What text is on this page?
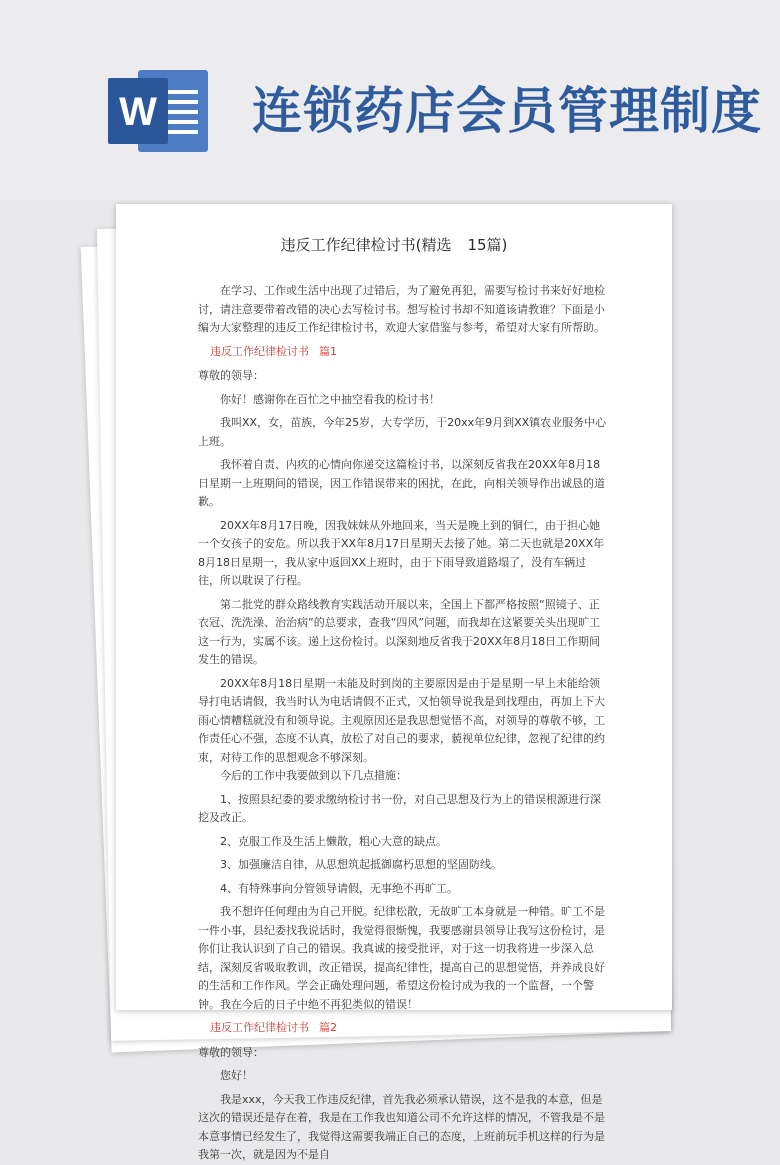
W 连锁药店会员管理制度
违反工作纪律检讨书(精选 15篇)

在学习、工作或生活中出现了过错后，为了避免再犯，需要写检讨书来好好地检讨，请注意要带着改错的决心去写检讨书。想写检讨书却不知道该请教谁？下面是小编为大家整理的违反工作纪律检讨书，欢迎大家借鉴与参考，希望对大家有所帮助。

违反工作纪律检讨书 篇1

尊敬的领导：

你好！感谢你在百忙之中抽空看我的检讨书！

我叫XX，女，苗族，今年25岁，大专学历，于20xx年9月到XX镇农业服务中心上班。

我怀着自责、内疚的心情向你递交这篇检讨书，以深刻反省我在20XX年8月18日星期一上班期间的错误，因工作错误带来的困扰，在此，向相关领导作出诚恳的道歉。

20XX年8月17日晚，因我妹妹从外地回来，当天是晚上到的铜仁，由于担心她一个女孩子的安危。所以我于XX年8月17日星期天去接了她。第二天也就是20XX年8月18日星期一，我从家中返回XX上班时，由于下雨导致道路塌了，没有车辆过往，所以耽误了行程。

第二批党的群众路线教育实践活动开展以来，全国上下都严格按照“照镜子、正衣冠、洗洗澡、治治病”的总要求，查我“四风”问题，而我却在这紧要关头出现旷工这一行为，实属不该。递上这份检讨。以深刻地反省我于20XX年8月18日工作期间发生的错误。

20XX年8月18日星期一未能及时到岗的主要原因是由于是星期一早上未能给领导打电话请假，我当时认为电话请假不正式，又怕领导说我是到找理由，再加上下大雨心情糟糕就没有和领导说。主观原因还是我思想觉悟不高，对领导的尊敬不够，工作责任心不强，态度不认真，放松了对自己的要求，藐视单位纪律，忽视了纪律的约束，对待工作的思想观念不够深刻。

今后的工作中我要做到以下几点措施：

1、按照县纪委的要求缴纳检讨书一份，对自己思想及行为上的错误根源进行深挖及改正。

2、克服工作及生活上懒散，粗心大意的缺点。

3、加强廉洁自律，从思想筑起抵御腐朽思想的坚固防线。

4、有特殊事向分管领导请假，无事绝不再旷工。

我不想许任何理由为自己开脱。纪律松散，无故旷工本身就是一种错。旷工不是一件小事，县纪委找我说话时，我觉得很惭愧，我要感谢县领导让我写这份检讨，是你们让我认识到了自己的错误。我真诚的接受批评，对于这一切我将进一步深入总结，深刻反省吸取教训，改正错误，提高纪律性，提高自己的思想觉悟，并养成良好的生活和工作作风。学会正确处理问题，希望这份检讨成为我的一个监督，一个警钟。我在今后的日子中绝不再犯类似的错误！

违反工作纪律检讨书 篇2

尊敬的领导：

您好！

我是xxx，今天我工作违反纪律，首先我必须承认错误，这不是我的本意，但是这次的错误还是存在着，我是在工作我也知道公司不允许这样的情况，不管我是不是本意事情已经发生了，我觉得这需要我端正自己的态度，上班前玩手机这样的行为是我第一次，就是因为不是自
